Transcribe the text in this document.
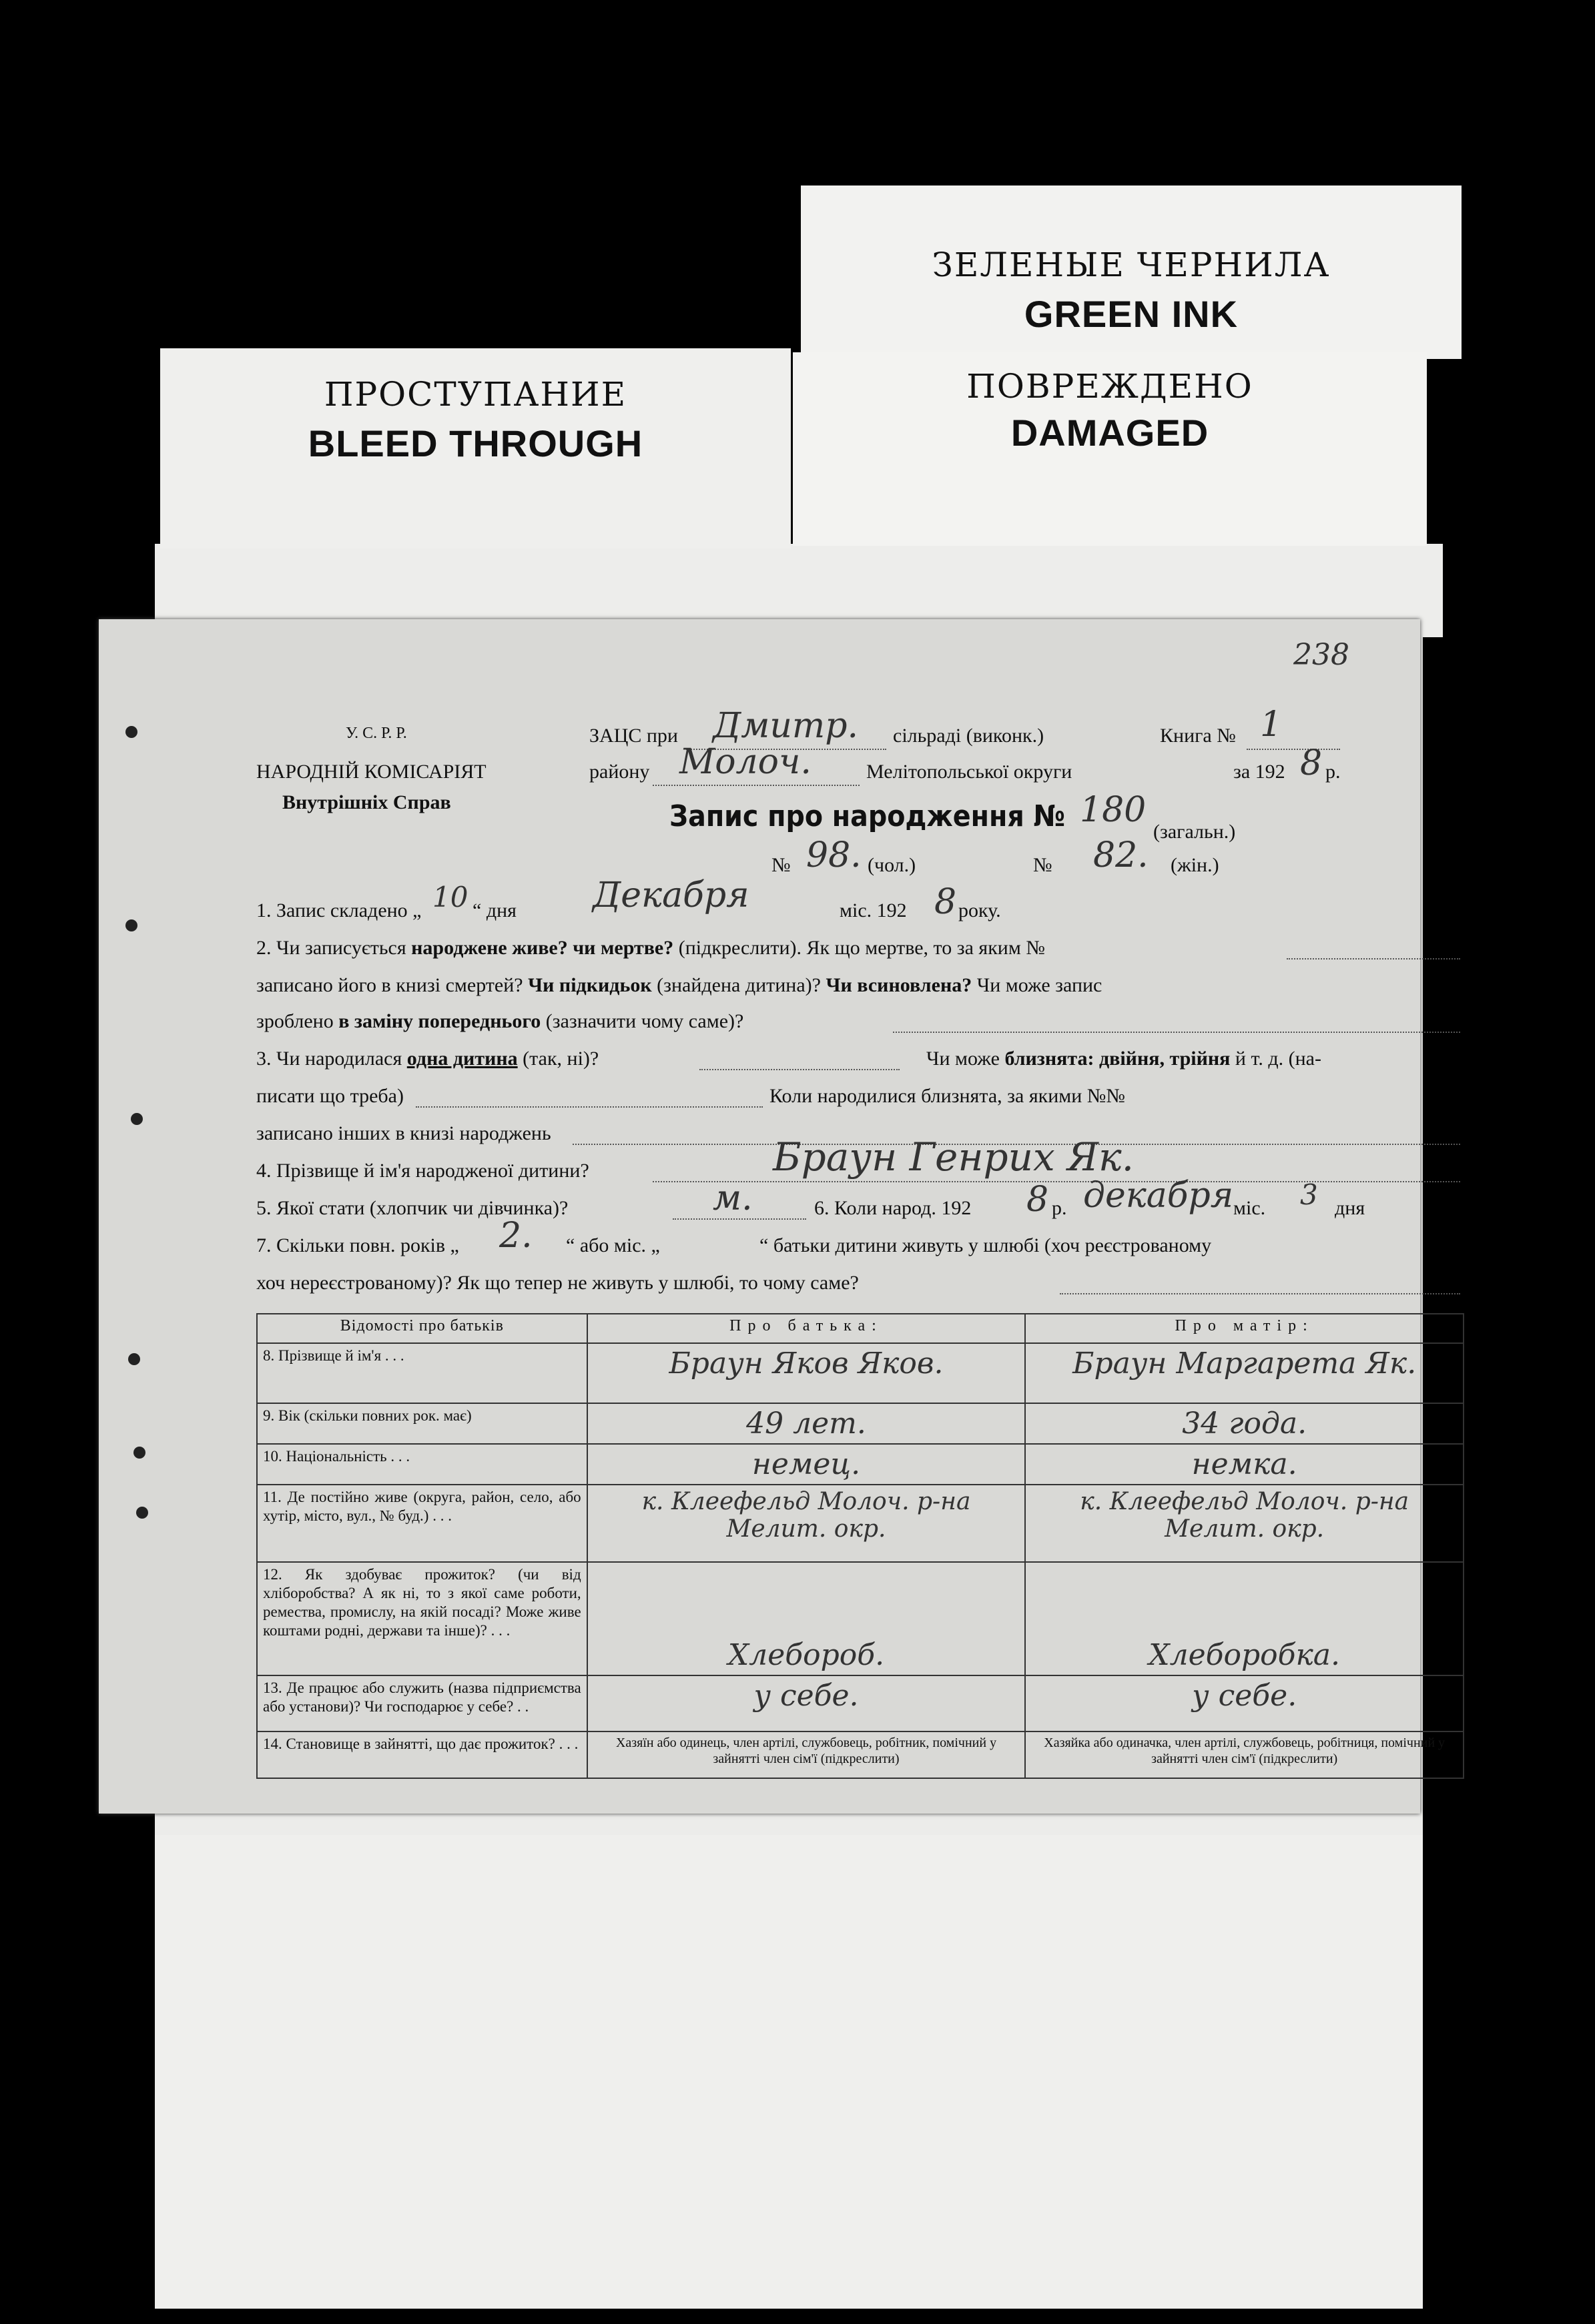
ЗЕЛЕНЫЕ ЧЕРНИЛА
GREEN INK
ПРОСТУПАНИЕ
BLEED THROUGH
ПОВРЕЖДЕНО
DAMAGED
238
У. С. Р. Р.
НАРОДНІЙ КОМІСАРІЯТ
Внутрішніх Справ
ЗАЦС при Дмитр. сільраді (виконк.)	Книга № 1
району Молоч.	Мелітопольської округи	за 192 8 р.
Запис про народження № 180
(загальн.)
№ 98. (чол.)	№ 82. (жін.)
1. Запис складено „ 10 “ дня Декабря	міс. 192 8 року.
2. Чи записується народжене живе? чи мертве? (підкреслити). Як що мертве, то за яким №
записано його в книзі смертей? Чи підкидьок (знайдена дитина)? Чи всиновлена? Чи може запис
зроблено в заміну попереднього (зазначити чому саме)?
3. Чи народилася одна дитина (так, ні)?	Чи може близнята: двійня, трійня й т. д. (на-
писати що треба)	Коли народилися близнята, за якими №№
записано інших в книзі народжень
4. Прізвище й ім'я народженої дитини?	Браун Генрих Як.
5. Якої стати (хлопчик чи дівчинка)?	м.	6. Коли народ. 192 8 р. декабря міс. 3 дня
7. Скільки повн. років „ 2. “ або міс. „	“ батьки дитини живуть у шлюбі (хоч реєстрованому
хоч нереєстрованому)? Як що тепер не живуть у шлюбі, то чому саме?
Відомості про батьків	Про батька:	Про матір:
8. Прізвище й ім'я . . .	Браун Яков Яков.	Браун Маргарета Як.

9. Вік (скільки повних рок. має)	49 лет.	34 года.

10. Національність . . .	немец.	немка.

11. Де постійно живе (округа, район, село, або хутір, місто, вул., № буд.) . . .	к. Клеефельд Молоч. р-на Мелит. окр.	к. Клеефельд Молоч. р-на Мелит. окр.

12. Як здобуває прожиток? (чи від хліборобства? А як ні, то з якої саме роботи, ремества, промислу, на якій посаді? Може живе коштами родні, держави та інше)? . . .	Хлебороб.	Хлеборобка.

13. Де працює або служить (назва підприємства або установи)? Чи господарює у себе? . .	у себе.	у себе.

14. Становище в зайнятті, що дає прожиток? . . .	Хазяїн або одинець, член артілі, службовець, робітник, помічний у зайнятті член сім'ї (підкреслити)	Хазяйка або одиначка, член артілі, службовець, робітниця, помічний у зайнятті член сім'ї (підкреслити)
